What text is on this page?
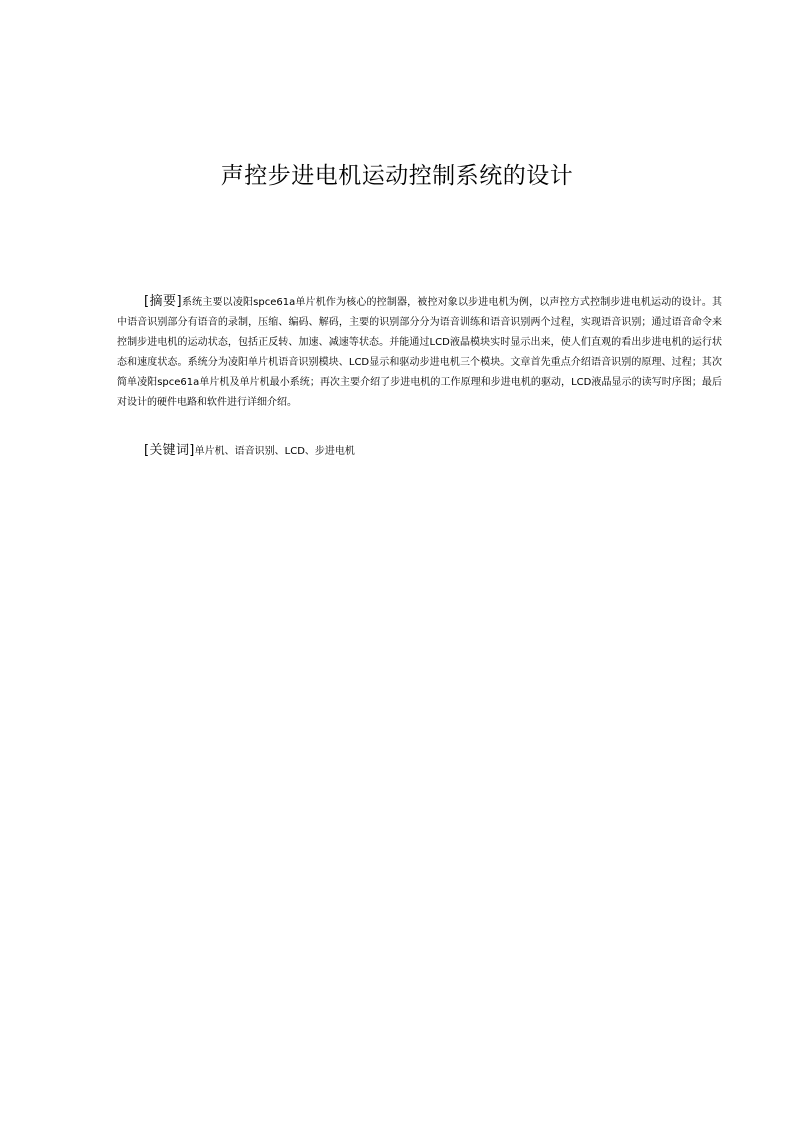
声控步进电机运动控制系统的设计

[摘要]系统主要以凌阳spce61a单片机作为核心的控制器，被控对象以步进电机为例，以声控方式控制步进电机运动的设计。其中语音识别部分有语音的录制，压缩、编码、解码，主要的识别部分分为语音训练和语音识别两个过程，实现语音识别；通过语音命令来控制步进电机的运动状态，包括正反转、加速、减速等状态。并能通过LCD液晶模块实时显示出来，使人们直观的看出步进电机的运行状态和速度状态。系统分为凌阳单片机语音识别模块、LCD显示和驱动步进电机三个模块。文章首先重点介绍语音识别的原理、过程；其次简单凌阳spce61a单片机及单片机最小系统；再次主要介绍了步进电机的工作原理和步进电机的驱动，LCD液晶显示的读写时序图；最后对设计的硬件电路和软件进行详细介绍。

[关键词]单片机、语音识别、LCD、步进电机
